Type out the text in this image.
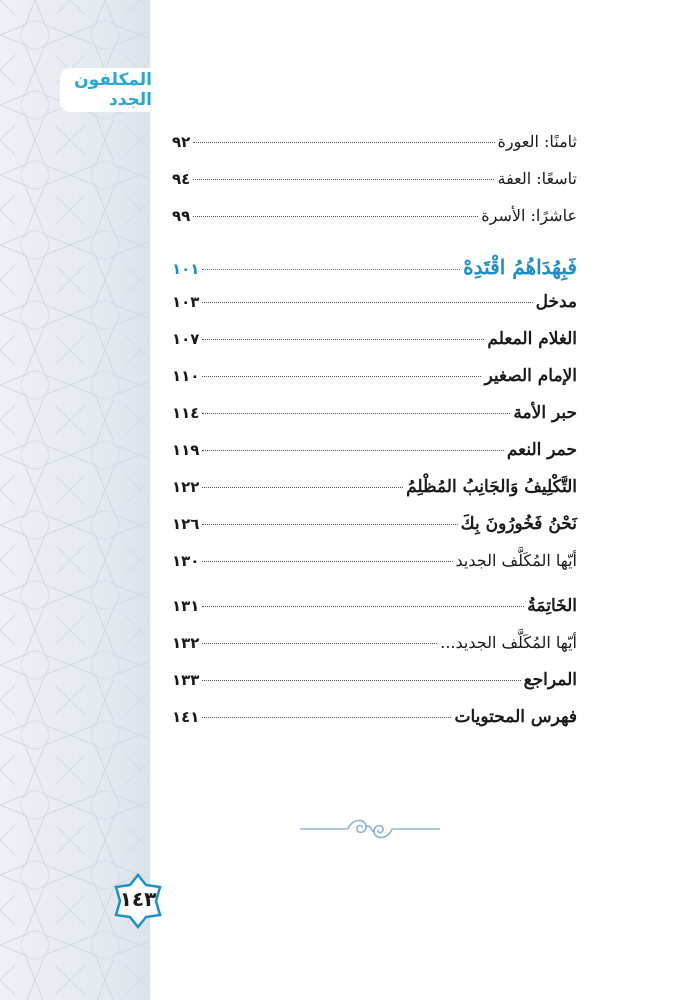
المكلفون الجدد
١٤٣
ثامنًا: العورة
٩٢
تاسعًا: العفة
٩٤
عاشرًا: الأسرة
٩٩
فَبِهُدَاهُمُ اقْتَدِهْ
١٠١
مدخل
١٠٣
الغلام المعلم
١٠٧
الإمام الصغير
١١٠
حبر الأمة
١١٤
حمر النعم
١١٩
التَّكْلِيفُ وَالجَانِبُ المُظْلِمُ
١٢٢
نَحْنُ فَخُورُونَ بِكَ
١٢٦
أيّها المُكَلَّف الجديد
١٣٠
الخَاتِمَةُ
١٣١
أيّها المُكَلَّف الجديد...
١٣٢
المراجع
١٣٣
فهرس المحتويات
١٤١
